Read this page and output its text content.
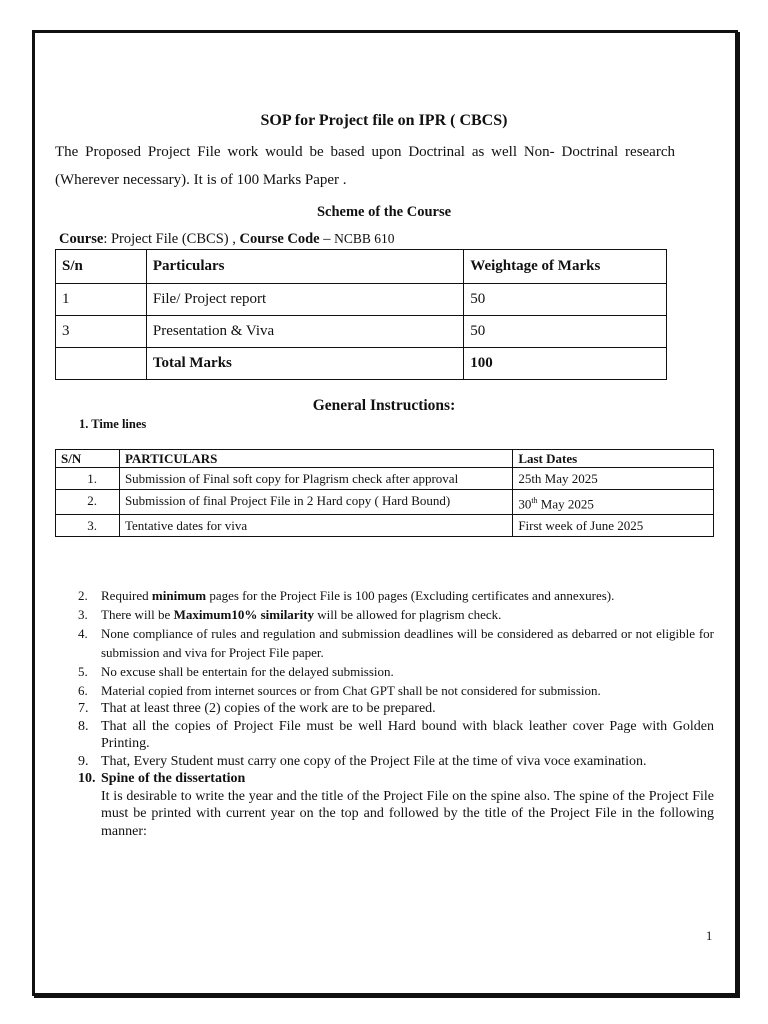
SOP for Project file on IPR ( CBCS)
The Proposed Project File work would be based upon Doctrinal as well Non- Doctrinal research (Wherever necessary). It is of 100 Marks Paper .
Scheme of the Course
Course: Project File (CBCS) , Course Code – NCBB 610
S/n	Particulars	Weightage of Marks
1	File/ Project report	50
3	Presentation & Viva	50
	Total Marks	100
General Instructions:
1. Time lines
S/N	PARTICULARS	Last Dates
1.	Submission of Final soft copy for Plagrism check after approval	25th May 2025
2.	Submission of final Project File in 2 Hard copy ( Hard Bound)	30th May 2025
3.	Tentative dates for viva	First week of June 2025
2. Required minimum pages for the Project File is 100 pages (Excluding certificates and annexures).
3. There will be Maximum10% similarity will be allowed for plagrism check.
4. None compliance of rules and regulation and submission deadlines will be considered as debarred or not eligible for submission and viva for Project File paper.
5. No excuse shall be entertain for the delayed submission.
6. Material copied from internet sources or from Chat GPT shall be not considered for submission.
7. That at least three (2) copies of the work are to be prepared.
8. That all the copies of Project File must be well Hard bound with black leather cover Page with Golden Printing.
9. That, Every Student must carry one copy of the Project File at the time of viva voce examination.
10. Spine of the dissertation
It is desirable to write the year and the title of the Project File on the spine also. The spine of the Project File must be printed with current year on the top and followed by the title of the Project File in the following manner:
1
